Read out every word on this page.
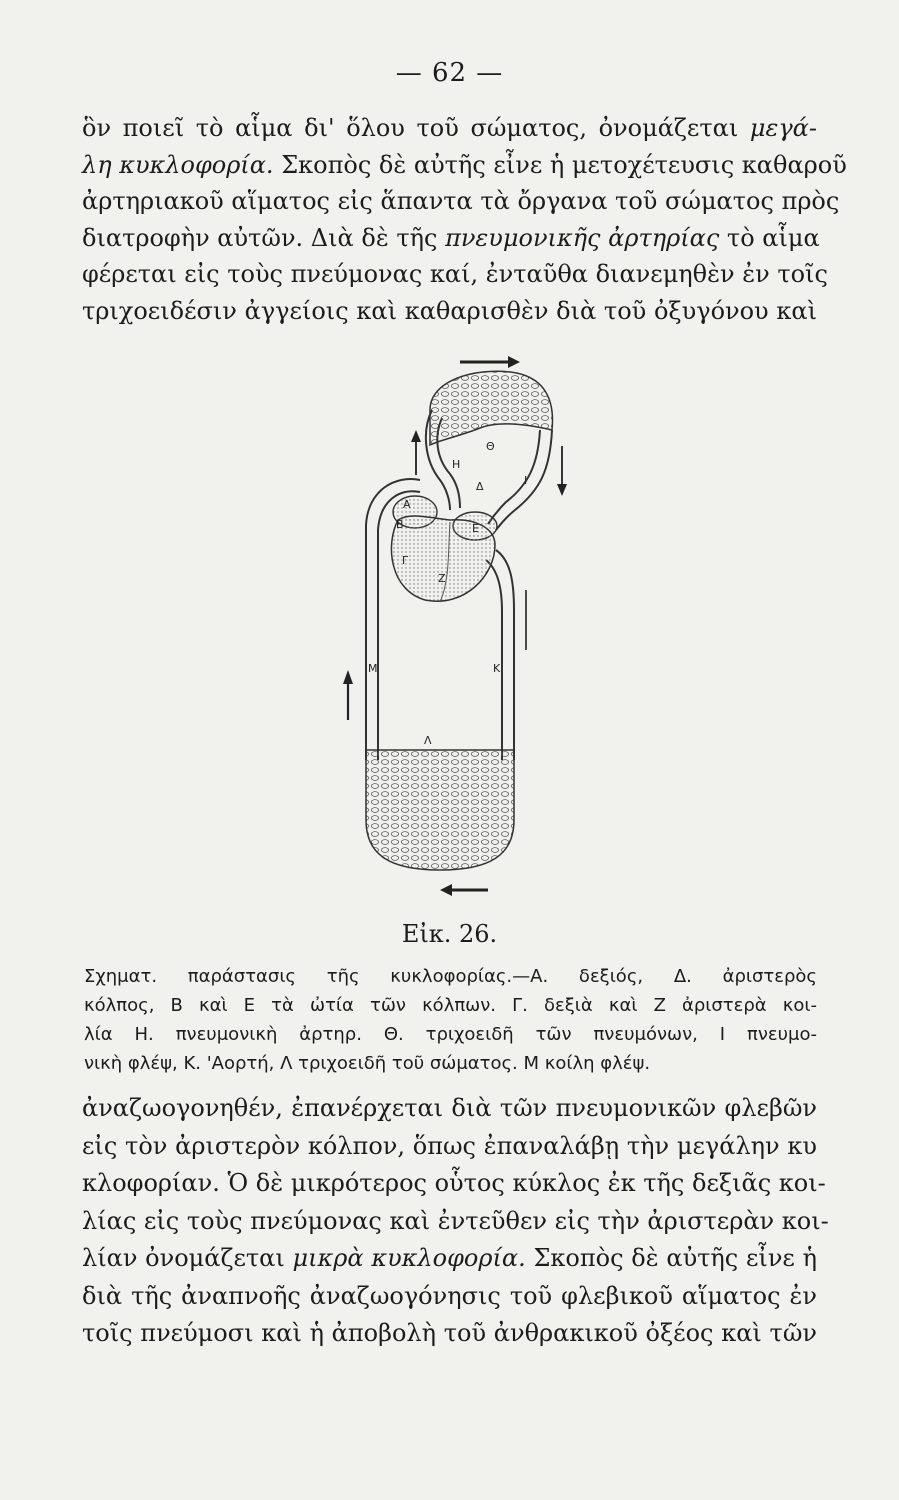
— 62 —
ὃν ποιεῖ τὸ αἷμα δι' ὅλου τοῦ σώματος, ὀνομάζεται μεγά-
λη κυκλοφορία. Σκοπὸς δὲ αὐτῆς εἶνε ἡ μετοχέτευσις καθαροῦ
ἀρτηριακοῦ αἵματος εἰς ἅπαντα τὰ ὄργανα τοῦ σώματος πρὸς
διατροφὴν αὐτῶν. Διὰ δὲ τῆς πνευμονικῆς ἀρτηρίας τὸ αἷμα
φέρεται εἰς τοὺς πνεύμονας καί, ἐνταῦθα διανεμηθὲν ἐν τοῖς
τριχοειδέσιν ἀγγείοις καὶ καθαρισθὲν διὰ τοῦ ὀξυγόνου καὶ
A
B
Γ
Δ
E
Z
H
Θ
I
K
Λ
M
Εἰκ. 26.
Σχηματ. παράστασις τῆς κυκλοφορίας.—Α. δεξιός, Δ. ἀριστερὸς
κόλπος, Β καὶ Ε τὰ ὠτία τῶν κόλπων. Γ. δεξιὰ καὶ Ζ ἀριστερὰ κοι-
λία Η. πνευμονικὴ ἀρτηρ. Θ. τριχοειδῆ τῶν πνευμόνων, Ι πνευμο-
νικὴ φλέψ, Κ. 'Αορτή, Λ τριχοειδῆ τοῦ σώματος. Μ κοίλη φλέψ.
ἀναζωογονηθέν, ἐπανέρχεται διὰ τῶν πνευμονικῶν φλεβῶν
εἰς τὸν ἀριστερὸν κόλπον, ὅπως ἐπαναλάβῃ τὴν μεγάλην κυ
κλοφορίαν. Ὁ δὲ μικρότερος οὗτος κύκλος ἐκ τῆς δεξιᾶς κοι-
λίας εἰς τοὺς πνεύμονας καὶ ἐντεῦθεν εἰς τὴν ἀριστερὰν κοι-
λίαν ὀνομάζεται μικρὰ κυκλοφορία. Σκοπὸς δὲ αὐτῆς εἶνε ἡ
διὰ τῆς ἀναπνοῆς ἀναζωογόνησις τοῦ φλεβικοῦ αἵματος ἐν
τοῖς πνεύμοσι καὶ ἡ ἀποβολὴ τοῦ ἀνθρακικοῦ ὀξέος καὶ τῶν
